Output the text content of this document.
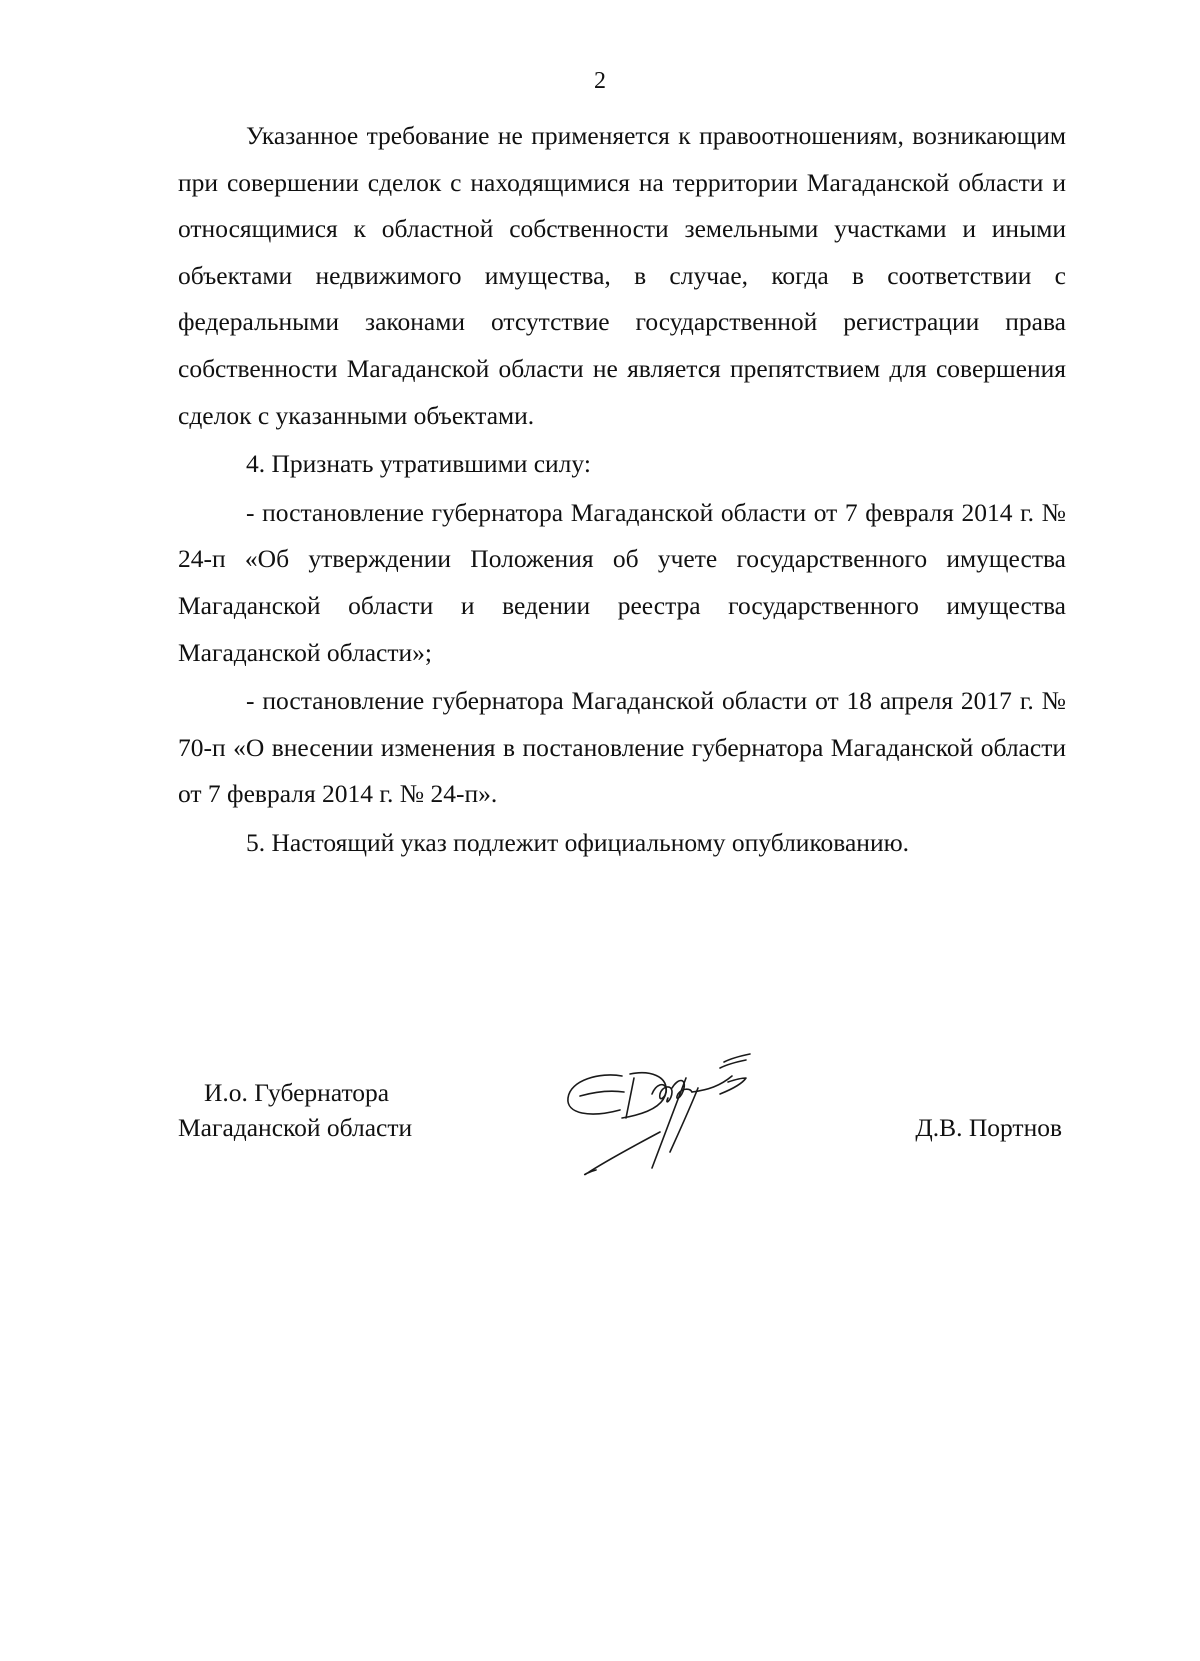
2

Указанное требование не применяется к правоотношениям, возникающим при совершении сделок с находящимися на территории Магаданской области и относящимися к областной собственности земельными участками и иными объектами недвижимого имущества, в случае, когда в соответствии с федеральными законами отсутствие государственной регистрации права собственности Магаданской области не является препятствием для совершения сделок с указанными объектами.

4. Признать утратившими силу:

- постановление губернатора Магаданской области от 7 февраля 2014 г. № 24-п «Об утверждении Положения об учете государственного имущества Магаданской области и ведении реестра государственного имущества Магаданской области»;

- постановление губернатора Магаданской области от 18 апреля 2017 г. № 70-п «О внесении изменения в постановление губернатора Магаданской области от 7 февраля 2014 г. № 24-п».

5. Настоящий указ подлежит официальному опубликованию.

И.о. Губернатора
Магаданской области	Д.В. Портнов
